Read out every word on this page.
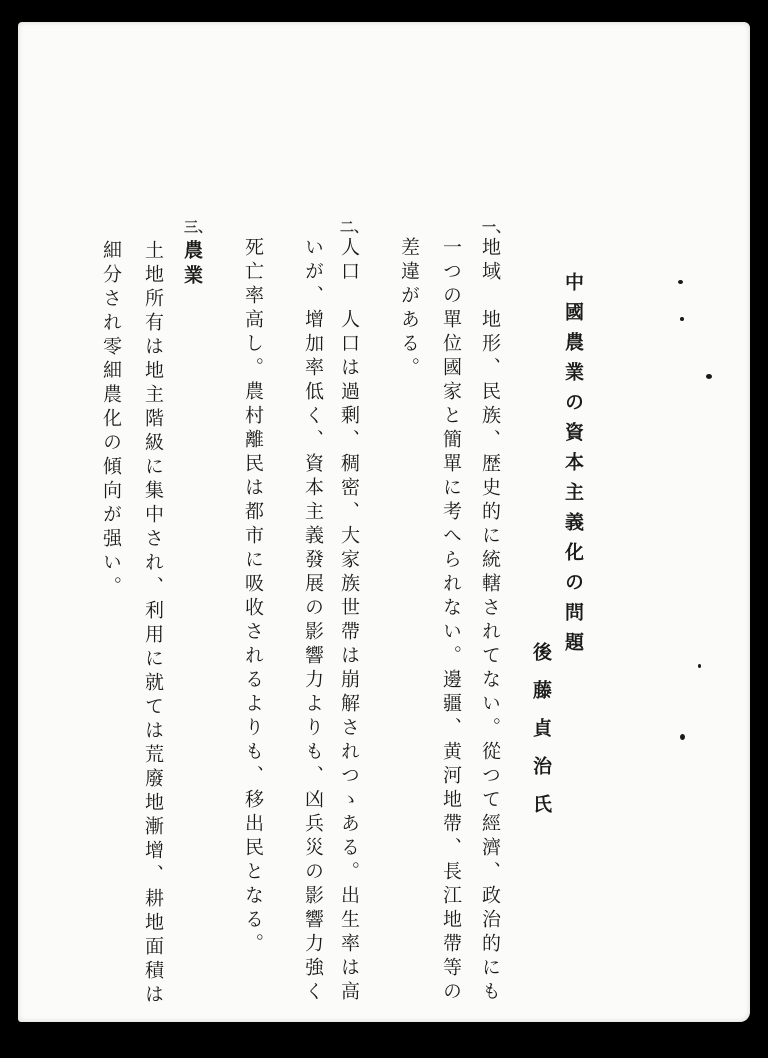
中國農業の資本主義化の問題
後藤貞治氏
一、
地域　地形、民族、歴史的に統轄されてない。從つて經濟、政治的にも
一つの單位國家と簡單に考へられない。邊疆、黄河地帶、長江地帶等の
差違がある。
二、
人口　人口は過剰、稠密、大家族世帶は崩解されつゝある。出生率は高
いが、增加率低く、資本主義發展の影響力よりも、凶兵災の影響力強く
死亡率高し。農村離民は都市に吸收されるよりも、移出民となる。
三、
農業
土地所有は地主階級に集中され、利用に就ては荒廢地漸增、耕地面積は
細分され零細農化の傾向が强い。
